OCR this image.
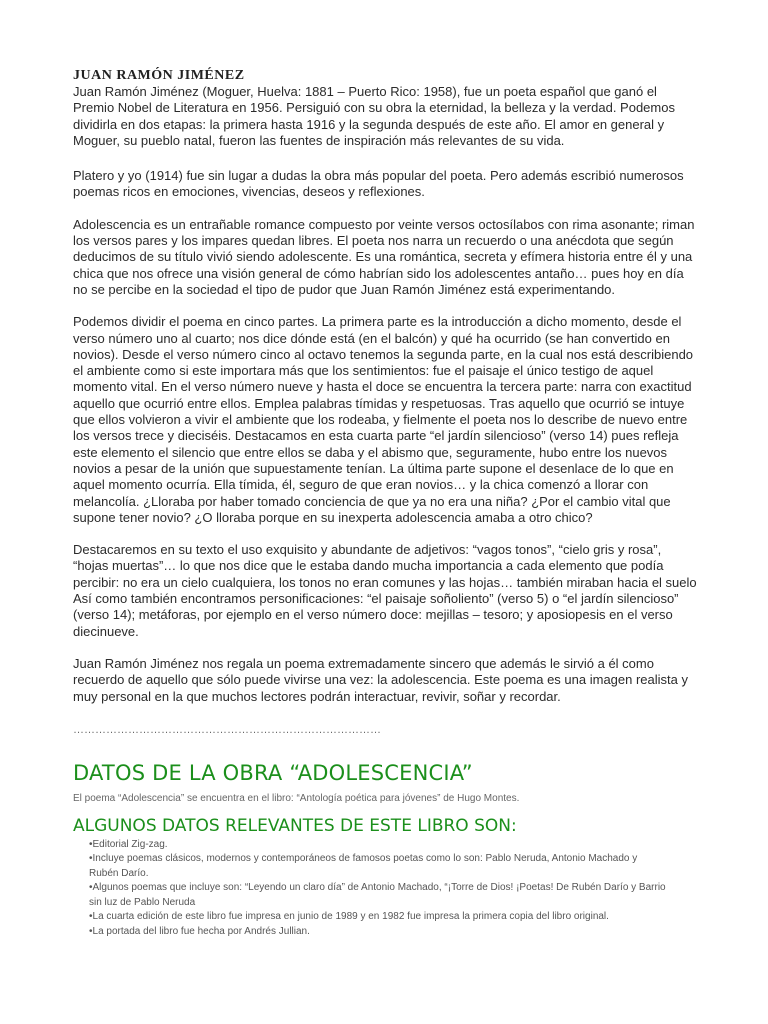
JUAN RAMÓN JIMÉNEZ

Juan Ramón Jiménez (Moguer, Huelva: 1881 – Puerto Rico: 1958), fue un poeta español que ganó el Premio Nobel de Literatura en 1956. Persiguió con su obra la eternidad, la belleza y la verdad. Podemos dividirla en dos etapas: la primera hasta 1916 y la segunda después de este año. El amor en general y Moguer, su pueblo natal, fueron las fuentes de inspiración más relevantes de su vida.

Platero y yo (1914) fue sin lugar a dudas la obra más popular del poeta. Pero además escribió numerosos poemas ricos en emociones, vivencias, deseos y reflexiones.

Adolescencia es un entrañable romance compuesto por veinte versos octosílabos con rima asonante; riman los versos pares y los impares quedan libres. El poeta nos narra un recuerdo o una anécdota que según deducimos de su título vivió siendo adolescente. Es una romántica, secreta y efímera historia entre él y una chica que nos ofrece una visión general de cómo habrían sido los adolescentes antaño… pues hoy en día no se percibe en la sociedad el tipo de pudor que Juan Ramón Jiménez está experimentando.

Podemos dividir el poema en cinco partes. La primera parte es la introducción a dicho momento, desde el verso número uno al cuarto; nos dice dónde está (en el balcón) y qué ha ocurrido (se han convertido en novios). Desde el verso número cinco al octavo tenemos la segunda parte, en la cual nos está describiendo el ambiente como si este importara más que los sentimientos: fue el paisaje el único testigo de aquel momento vital. En el verso número nueve y hasta el doce se encuentra la tercera parte: narra con exactitud aquello que ocurrió entre ellos. Emplea palabras tímidas y respetuosas. Tras aquello que ocurrió se intuye que ellos volvieron a vivir el ambiente que los rodeaba, y fielmente el poeta nos lo describe de nuevo entre los versos trece y dieciséis. Destacamos en esta cuarta parte “el jardín silencioso” (verso 14) pues refleja este elemento el silencio que entre ellos se daba y el abismo que, seguramente, hubo entre los nuevos novios a pesar de la unión que supuestamente tenían. La última parte supone el desenlace de lo que en aquel momento ocurría. Ella tímida, él, seguro de que eran novios… y la chica comenzó a llorar con melancolía. ¿Lloraba por haber tomado conciencia de que ya no era una niña? ¿Por el cambio vital que supone tener novio? ¿O lloraba porque en su inexperta adolescencia amaba a otro chico?

Destacaremos en su texto el uso exquisito y abundante de adjetivos: “vagos tonos”, “cielo gris y rosa”, “hojas muertas”… lo que nos dice que le estaba dando mucha importancia a cada elemento que podía percibir: no era un cielo cualquiera, los tonos no eran comunes y las hojas… también miraban hacia el suelo Así como también encontramos personificaciones: “el paisaje soñoliento” (verso 5) o “el jardín silencioso” (verso 14); metáforas, por ejemplo en el verso número doce: mejillas – tesoro; y aposiopesis en el verso diecinueve.

Juan Ramón Jiménez nos regala un poema extremadamente sincero que además le sirvió a él como recuerdo de aquello que sólo puede vivirse una vez: la adolescencia. Este poema es una imagen realista y muy personal en la que muchos lectores podrán interactuar, revivir, soñar y recordar.

…………………………………………………………………………
DATOS DE LA OBRA “ADOLESCENCIA”

El poema “Adolescencia” se encuentra en el libro: “Antología poética para jóvenes” de Hugo Montes.

ALGUNOS DATOS RELEVANTES DE ESTE LIBRO SON:
•Editorial Zig-zag.
•Incluye poemas clásicos, modernos y contemporáneos de famosos poetas como lo son: Pablo Neruda, Antonio Machado y Rubén Darío.
•Algunos poemas que incluye son: “Leyendo un claro día” de Antonio Machado, “¡Torre de Dios! ¡Poetas! De Rubén Darío y Barrio sin luz de Pablo Neruda
•La cuarta edición de este libro fue impresa en junio de 1989 y en 1982 fue impresa la primera copia del libro original.
•La portada del libro fue hecha por Andrés Jullian.
